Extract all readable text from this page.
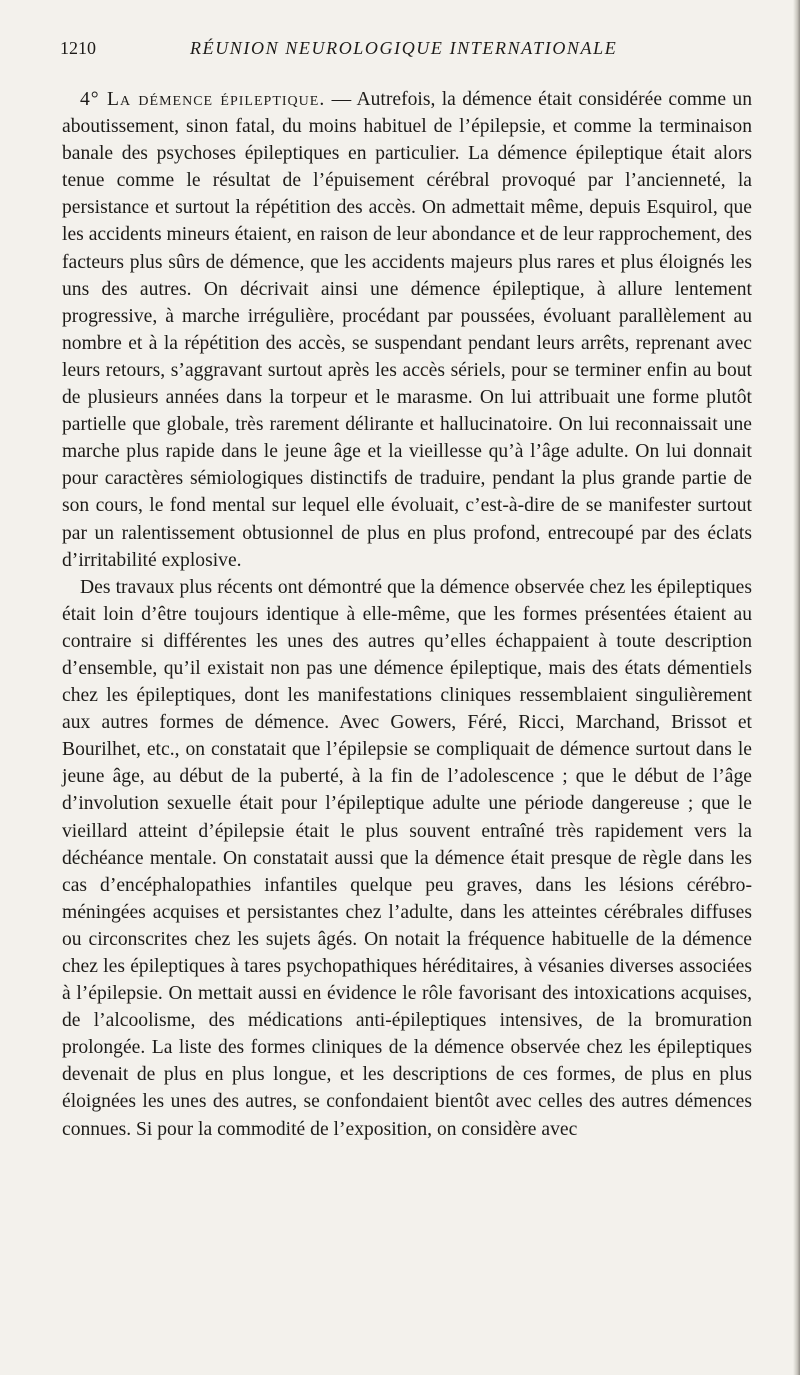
1210	RÉUNION NEUROLOGIQUE INTERNATIONALE

4° La démence épileptique. — Autrefois, la démence était considérée comme un aboutissement, sinon fatal, du moins habituel de l’épilepsie, et comme la terminaison banale des psychoses épileptiques en particulier. La démence épileptique était alors tenue comme le résultat de l’épuisement cérébral provoqué par l’ancienneté, la persistance et surtout la répétition des accès. On admettait même, depuis Esquirol, que les accidents mineurs étaient, en raison de leur abondance et de leur rapprochement, des facteurs plus sûrs de démence, que les accidents majeurs plus rares et plus éloignés les uns des autres. On décrivait ainsi une démence épileptique, à allure lentement progressive, à marche irrégulière, procédant par poussées, évoluant parallèlement au nombre et à la répétition des accès, se suspendant pendant leurs arrêts, reprenant avec leurs retours, s’aggravant surtout après les accès sériels, pour se terminer enfin au bout de plusieurs années dans la torpeur et le marasme. On lui attribuait une forme plutôt partielle que globale, très rarement délirante et hallucinatoire. On lui reconnaissait une marche plus rapide dans le jeune âge et la vieillesse qu’à l’âge adulte. On lui donnait pour caractères sémiologiques distinctifs de traduire, pendant la plus grande partie de son cours, le fond mental sur lequel elle évoluait, c’est-à-dire de se manifester surtout par un ralentissement obtusionnel de plus en plus profond, entrecoupé par des éclats d’irritabilité explosive.

Des travaux plus récents ont démontré que la démence observée chez les épileptiques était loin d’être toujours identique à elle-même, que les formes présentées étaient au contraire si différentes les unes des autres qu’elles échappaient à toute description d’ensemble, qu’il existait non pas une démence épileptique, mais des états démentiels chez les épileptiques, dont les manifestations cliniques ressemblaient singulièrement aux autres formes de démence. Avec Gowers, Féré, Ricci, Marchand, Brissot et Bourilhet, etc., on constatait que l’épilepsie se compliquait de démence surtout dans le jeune âge, au début de la puberté, à la fin de l’adolescence ; que le début de l’âge d’involution sexuelle était pour l’épileptique adulte une période dangereuse ; que le vieillard atteint d’épilepsie était le plus souvent entraîné très rapidement vers la déchéance mentale. On constatait aussi que la démence était presque de règle dans les cas d’encéphalopathies infantiles quelque peu graves, dans les lésions cérébro-méningées acquises et persistantes chez l’adulte, dans les atteintes cérébrales diffuses ou circonscrites chez les sujets âgés. On notait la fréquence habituelle de la démence chez les épileptiques à tares psychopathiques héréditaires, à vésanies diverses associées à l’épilepsie. On mettait aussi en évidence le rôle favorisant des intoxications acquises, de l’alcoolisme, des médications anti-épileptiques intensives, de la bromuration prolongée. La liste des formes cliniques de la démence observée chez les épileptiques devenait de plus en plus longue, et les descriptions de ces formes, de plus en plus éloignées les unes des autres, se confondaient bientôt avec celles des autres démences connues. Si pour la commodité de l’exposition, on considère avec
